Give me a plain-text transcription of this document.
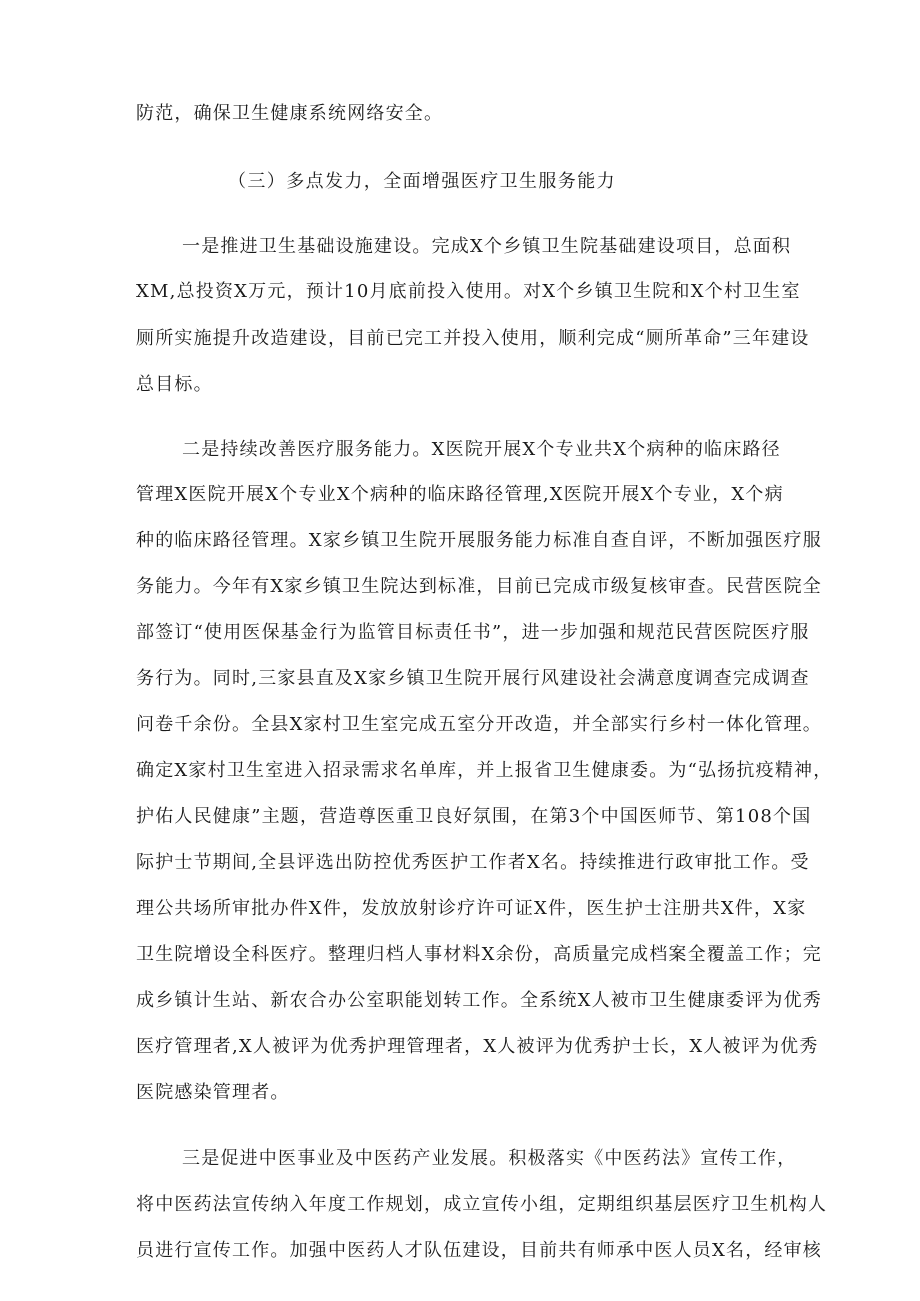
防范，确保卫生健康系统网络安全。
（三）多点发力，全面增强医疗卫生服务能力
一是推进卫生基础设施建设。完成X个乡镇卫生院基础建设项目，总面积
XM,总投资X万元，预计10月底前投入使用。对X个乡镇卫生院和X个村卫生室
厕所实施提升改造建设，目前已完工并投入使用，顺利完成“厕所革命”三年建设
总目标。
二是持续改善医疗服务能力。X医院开展X个专业共X个病种的临床路径
管理X医院开展X个专业X个病种的临床路径管理,X医院开展X个专业，X个病
种的临床路径管理。X家乡镇卫生院开展服务能力标准自查自评，不断加强医疗服
务能力。今年有X家乡镇卫生院达到标准，目前已完成市级复核审查。民营医院全
部签订“使用医保基金行为监管目标责任书”，进一步加强和规范民营医院医疗服
务行为。同时,三家县直及X家乡镇卫生院开展行风建设社会满意度调查完成调查
问卷千余份。全县X家村卫生室完成五室分开改造，并全部实行乡村一体化管理。
确定X家村卫生室进入招录需求名单库，并上报省卫生健康委。为“弘扬抗疫精神，
护佑人民健康”主题，营造尊医重卫良好氛围，在第3个中国医师节、第108个国
际护士节期间,全县评选出防控优秀医护工作者X名。持续推进行政审批工作。受
理公共场所审批办件X件，发放放射诊疗许可证X件，医生护士注册共X件，X家
卫生院增设全科医疗。整理归档人事材料X余份，高质量完成档案全覆盖工作；完
成乡镇计生站、新农合办公室职能划转工作。全系统X人被市卫生健康委评为优秀
医疗管理者,X人被评为优秀护理管理者，X人被评为优秀护士长，X人被评为优秀
医院感染管理者。
三是促进中医事业及中医药产业发展。积极落实《中医药法》宣传工作，
将中医药法宣传纳入年度工作规划，成立宣传小组，定期组织基层医疗卫生机构人
员进行宣传工作。加强中医药人才队伍建设，目前共有师承中医人员X名，经审核
